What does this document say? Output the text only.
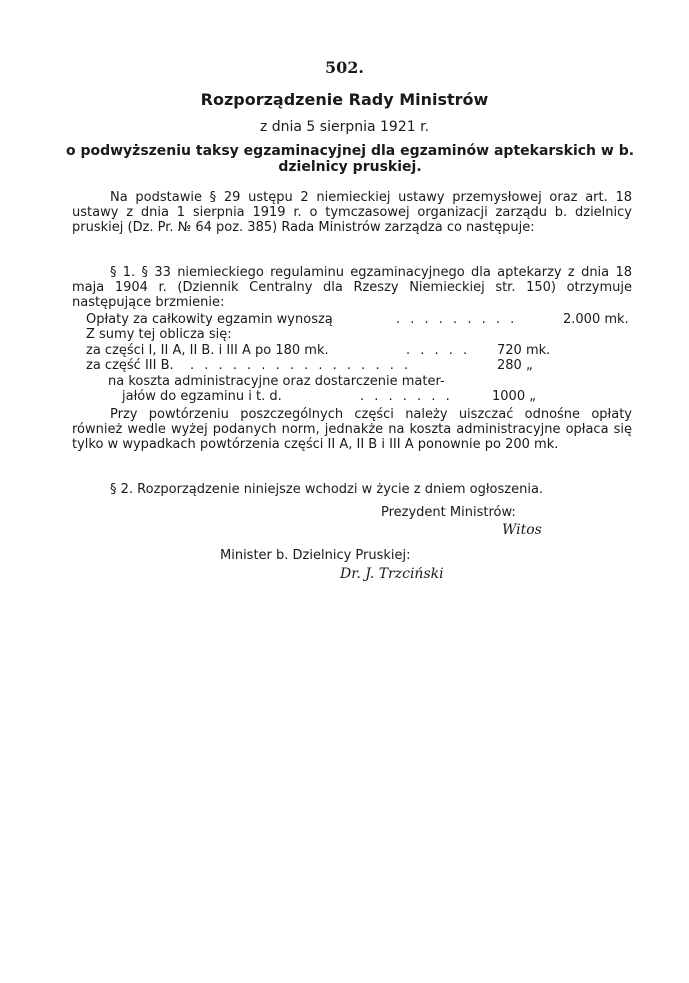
502.
Rozporządzenie Rady Ministrów
z dnia 5 sierpnia 1921 r.
o podwyższeniu taksy egzaminacyjnej dla egzaminów aptekarskich w b. dzielnicy pruskiej.
Na podstawie § 29 ustępu 2 niemieckiej ustawy przemysłowej oraz art. 18 ustawy z dnia 1 sierpnia 1919 r. o tymczasowej organizacji zarządu b. dzielnicy pruskiej (Dz. Pr. № 64 poz. 385) Rada Ministrów zarządza co następuje:
§ 1. § 33 niemieckiego regulaminu egzaminacyjnego dla aptekarzy z dnia 18 maja 1904 r. (Dziennik Centralny dla Rzeszy Niemieckiej str. 150) otrzymuje następujące brzmienie:
Opłaty za całkowity egzamin wynoszą	. . . . . . . . .	2.000 mk.
Z sumy tej oblicza się:
za części I, II A, II B. i III A po 180 mk.	. . . . . 720 mk.
za część III B. . . . . . . . . . . . . . . . .	280 „
na koszta administracyjne oraz dostarczenie mater-
jałów do egzaminu i t. d.	. . . . . . .	1000 „
Przy powtórzeniu poszczególnych części należy uiszczać odnośne opłaty również wedle wyżej podanych norm, jednakże na koszta administracyjne opłaca się tylko w wypadkach powtórzenia części II A, II B i III A ponownie po 200 mk.
§ 2. Rozporządzenie niniejsze wchodzi w życie z dniem ogłoszenia.
Prezydent Ministrów:
Witos
Minister b. Dzielnicy Pruskiej:
Dr. J. Trzciński
